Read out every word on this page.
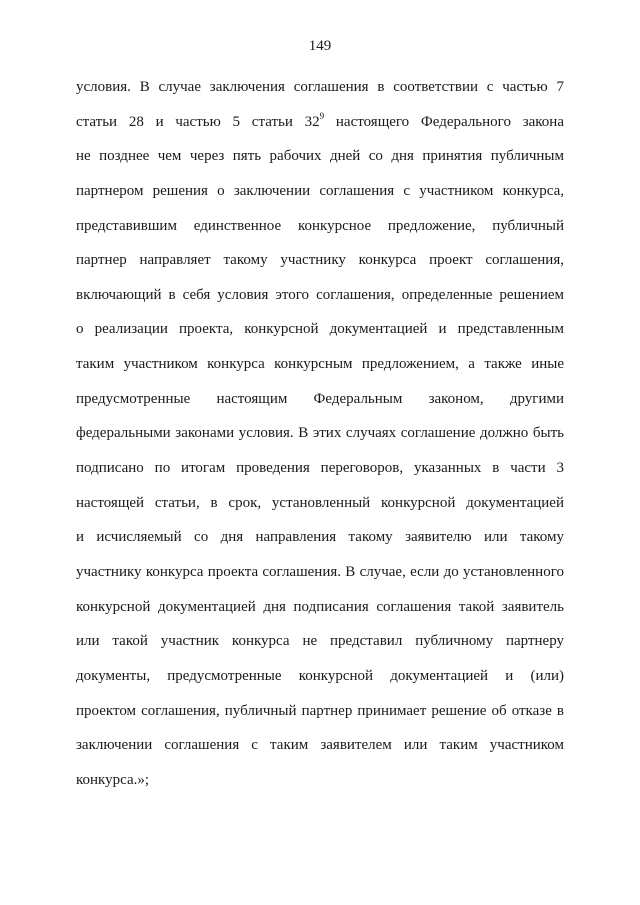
149
условия. В случае заключения соглашения в соответствии с частью 7
статьи 28 и частью 5 статьи $32^9$ настоящего Федерального закона
не позднее чем через пять рабочих дней со дня принятия публичным
партнером решения о заключении соглашения с участником конкурса,
представившим единственное конкурсное предложение, публичный
партнер направляет такому участнику конкурса проект соглашения,
включающий в себя условия этого соглашения, определенные решением
о реализации проекта, конкурсной документацией и представленным
таким участником конкурса конкурсным предложением, а также иные
предусмотренные настоящим Федеральным законом, другими
федеральными законами условия. В этих случаях соглашение должно быть
подписано по итогам проведения переговоров, указанных в части 3
настоящей статьи, в срок, установленный конкурсной документацией
и исчисляемый со дня направления такому заявителю или такому
участнику конкурса проекта соглашения. В случае, если до установленного
конкурсной документацией дня подписания соглашения такой заявитель
или такой участник конкурса не представил публичному партнеру
документы, предусмотренные конкурсной документацией и (или)
проектом соглашения, публичный партнер принимает решение об отказе в
заключении соглашения с таким заявителем или таким участником
конкурса.»;
